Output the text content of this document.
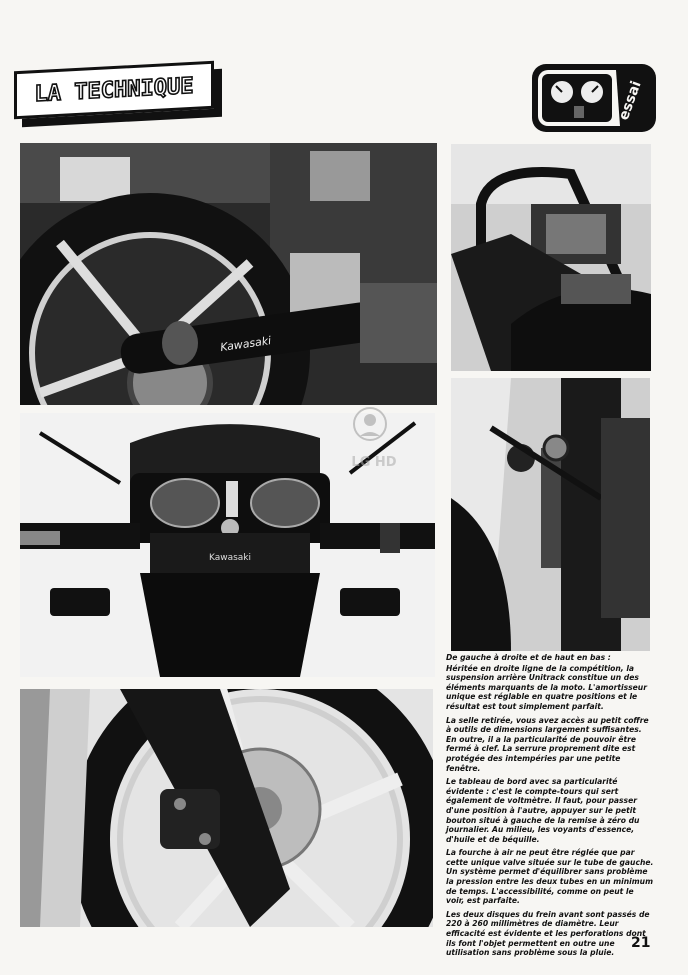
LA TECHNIQUE	essai
Kawasaki
Kawasaki
LG HD

De gauche à droite et de haut en bas :

Héritée en droite ligne de la compétition, la suspension arrière Unitrack constitue un des éléments marquants de la moto. L'amortisseur unique est réglable en quatre positions et le résultat est tout simplement parfait.

La selle retirée, vous avez accès au petit coffre à outils de dimensions largement suffisantes. En outre, il a la particularité de pouvoir être fermé à clef. La serrure proprement dite est protégée des intempéries par une petite fenêtre.

Le tableau de bord avec sa particularité évidente : c'est le compte-tours qui sert également de voltmètre. Il faut, pour passer d'une position à l'autre, appuyer sur le petit bouton situé à gauche de la remise à zéro du journalier. Au milieu, les voyants d'essence, d'huile et de béquille.

La fourche à air ne peut être réglée que par cette unique valve située sur le tube de gauche. Un système permet d'équilibrer sans problème la pression entre les deux tubes en un minimum de temps. L'accessibilité, comme on peut le voir, est parfaite.

Les deux disques du frein avant sont passés de 220 à 260 millimètres de diamètre. Leur efficacité est évidente et les perforations dont ils font l'objet permettent en outre une utilisation sans problème sous la pluie.

21
